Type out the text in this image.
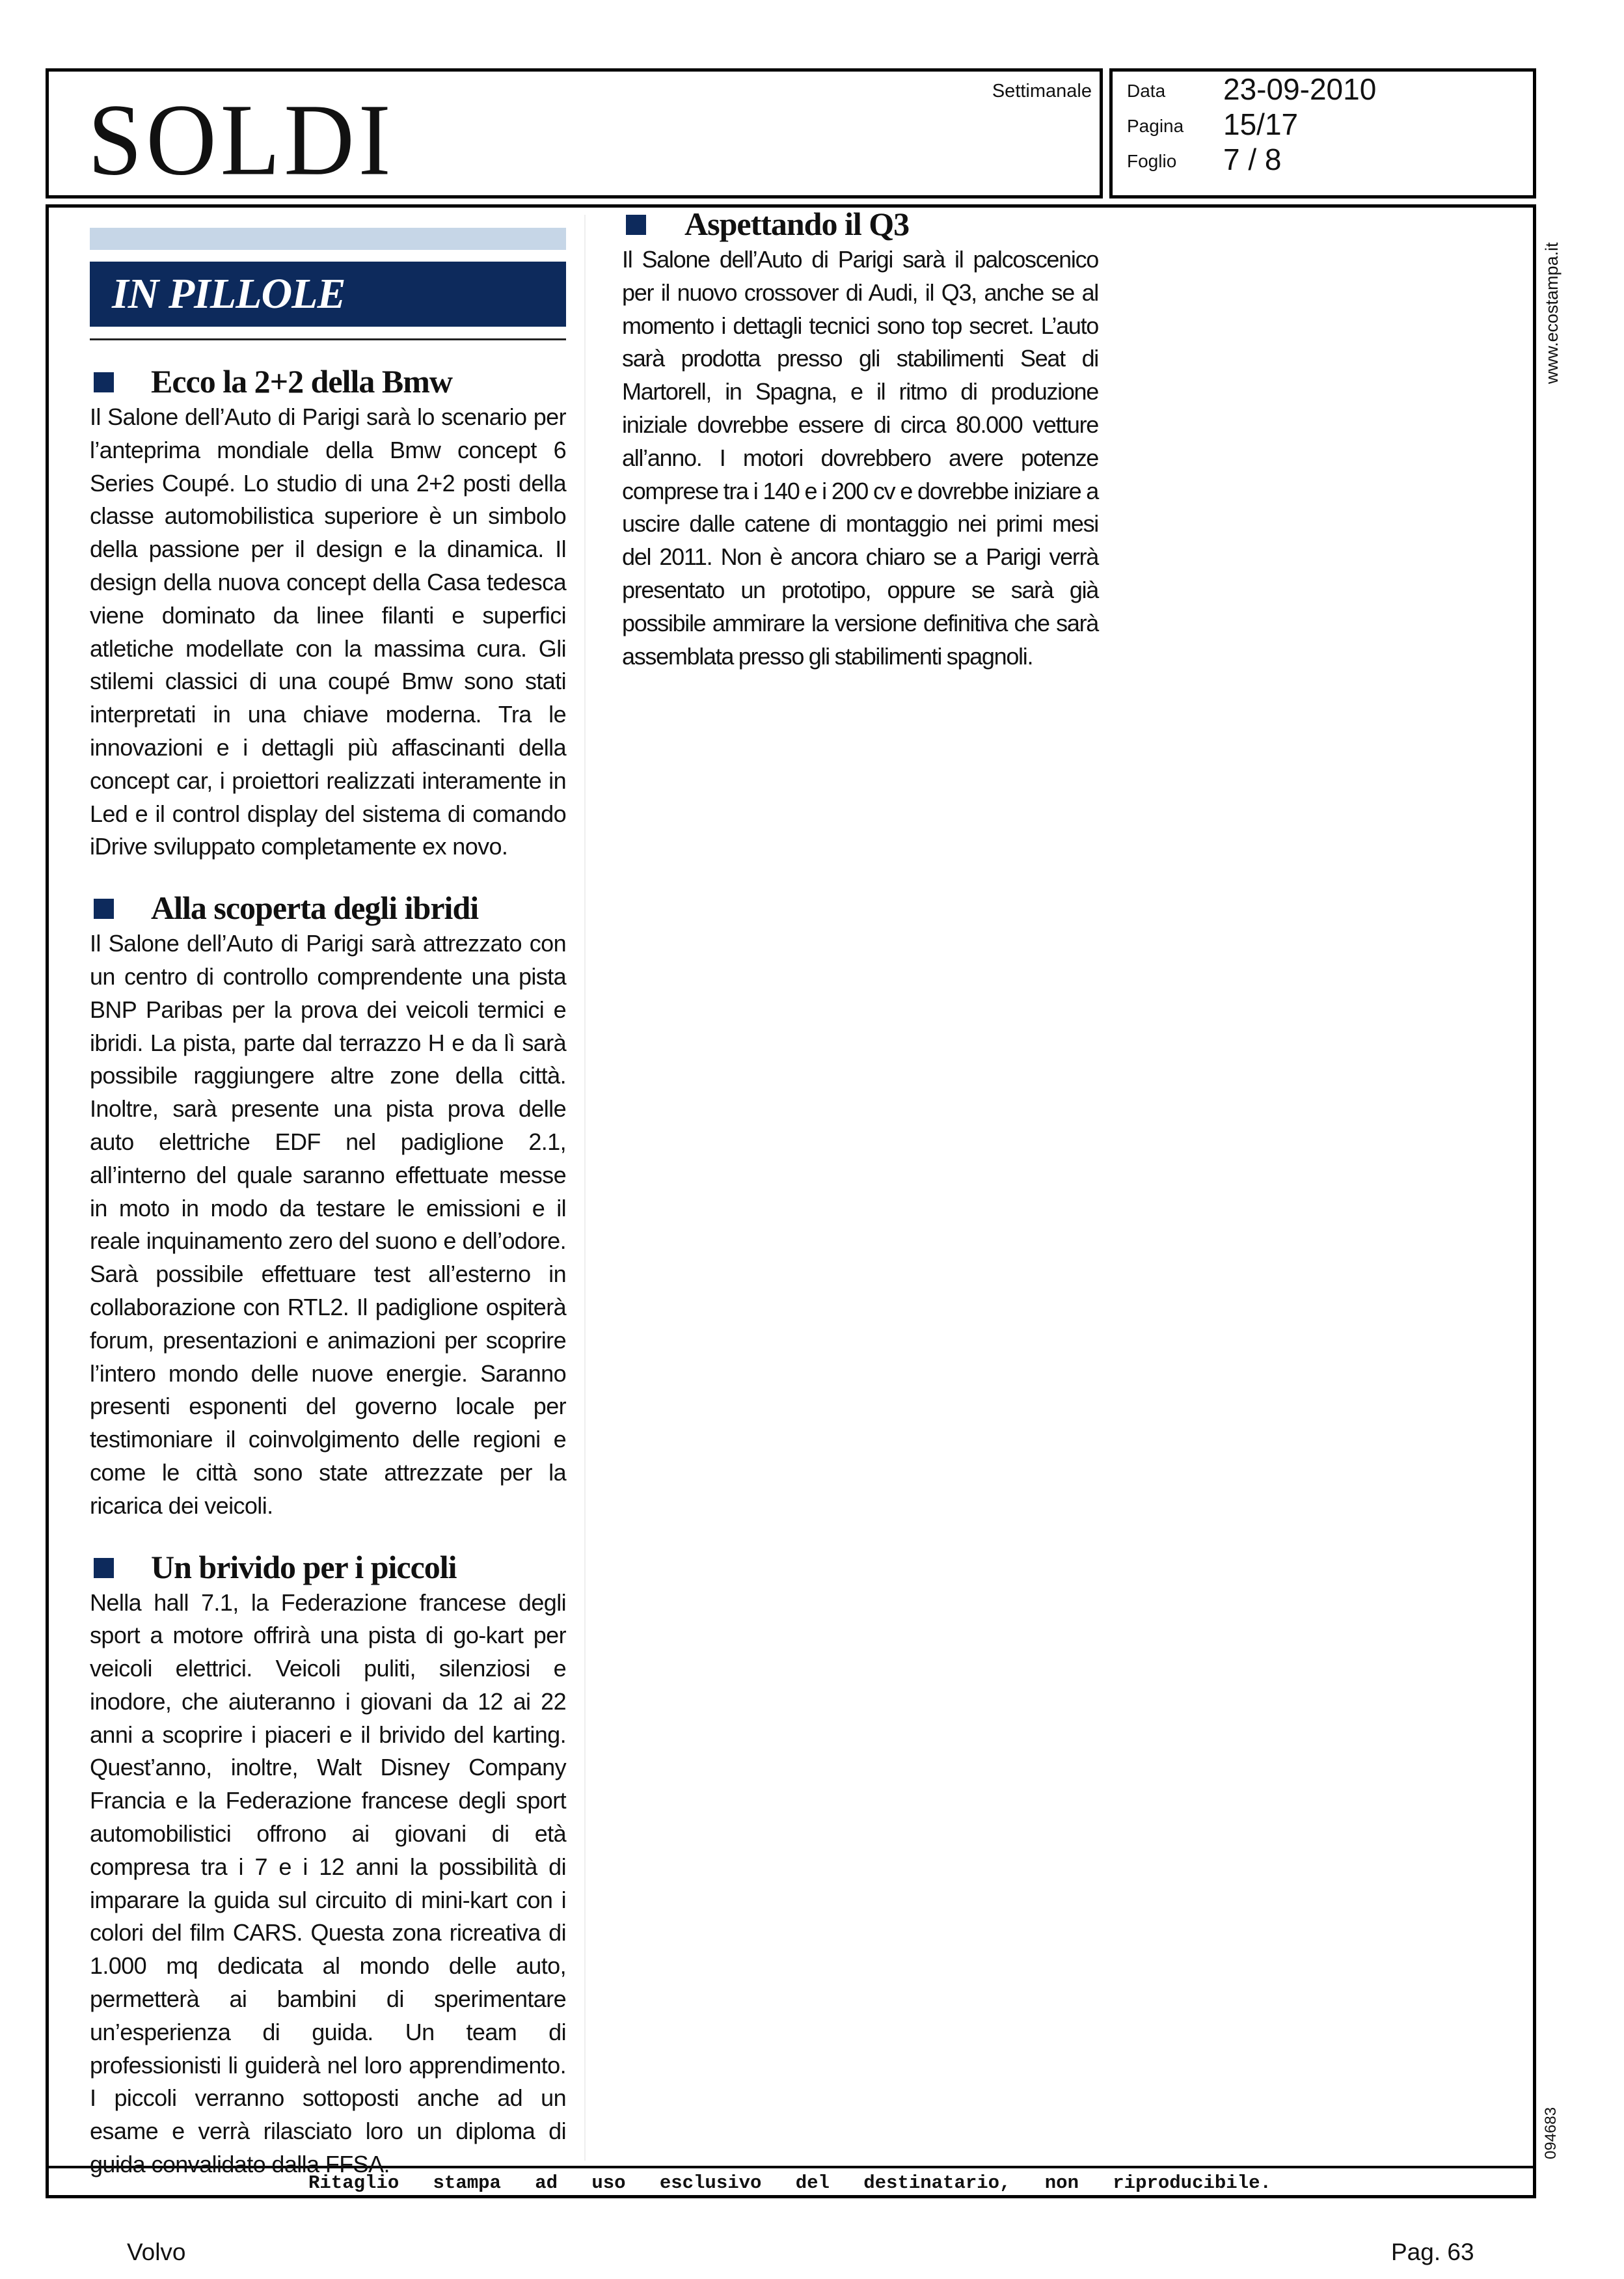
Settimanale
SOLDI	Data 23-09-2010
Pagina 15/17
Foglio 7 / 8
IN PILLOLE
Ecco la 2+2 della Bmw
Il Salone dell’Auto di Parigi sarà lo scenario per l’anteprima mondiale della Bmw concept 6 Series Coupé. Lo studio di una 2+2 posti della classe automobilistica superiore è un simbolo della passione per il design e la dinamica. Il design della nuova concept della Casa tedesca viene dominato da linee filanti e superfici atletiche modellate con la massima cura. Gli stilemi classici di una coupé Bmw sono stati interpretati in una chiave moderna. Tra le innovazioni e i dettagli più affascinanti della concept car, i proiettori realizzati interamente in Led e il control display del sistema di comando iDrive sviluppato completamente ex novo.
Alla scoperta degli ibridi
Il Salone dell’Auto di Parigi sarà attrezzato con un centro di controllo comprendente una pista BNP Paribas per la prova dei veicoli termici e ibridi. La pista, parte dal terrazzo H e da lì sarà possibile raggiungere altre zone della città. Inoltre, sarà presente una pista prova delle auto elettriche EDF nel padiglione 2.1, all’interno del quale saranno effettuate messe in moto in modo da testare le emissioni e il reale inquinamento zero del suono e dell’odore. Sarà possibile effettuare test all’esterno in collaborazione con RTL2. Il padiglione ospiterà forum, presentazioni e animazioni per scoprire l’intero mondo delle nuove energie. Saranno presenti esponenti del governo locale per testimoniare il coinvolgimento delle regioni e come le città sono state attrezzate per la ricarica dei veicoli.
Un brivido per i piccoli
Nella hall 7.1, la Federazione francese degli sport a motore offrirà una pista di go-kart per veicoli elettrici. Veicoli puliti, silenziosi e inodore, che aiuteranno i giovani da 12 ai 22 anni a scoprire i piaceri e il brivido del karting. Quest’anno, inoltre, Walt Disney Company Francia e la Federazione francese degli sport automobilistici offrono ai giovani di età compresa tra i 7 e i 12 anni la possibilità di imparare la guida sul circuito di mini-kart con i colori del film CARS. Questa zona ricreativa di 1.000 mq dedicata al mondo delle auto, permetterà ai bambini di sperimentare un’esperienza di guida. Un team di professionisti li guiderà nel loro apprendimento. I piccoli verranno sottoposti anche ad un esame e verrà rilasciato loro un diploma di guida convalidato dalla FFSA.
Aspettando il Q3
Il Salone dell’Auto di Parigi sarà il palcoscenico per il nuovo crossover di Audi, il Q3, anche se al momento i dettagli tecnici sono top secret. L’auto sarà prodotta presso gli stabilimenti Seat di Martorell, in Spagna, e il ritmo di produzione iniziale dovrebbe essere di circa 80.000 vetture all’anno. I motori dovrebbero avere potenze comprese tra i 140 e i 200 cv e dovrebbe iniziare a uscire dalle catene di montaggio nei primi mesi del 2011. Non è ancora chiaro se a Parigi verrà presentato un prototipo, oppure se sarà già possibile ammirare la versione definitiva che sarà assemblata presso gli stabilimenti spagnoli.
www.ecostampa.it
094683
Ritaglio stampa ad uso esclusivo del destinatario, non riproducibile.
Volvo	Pag. 63
